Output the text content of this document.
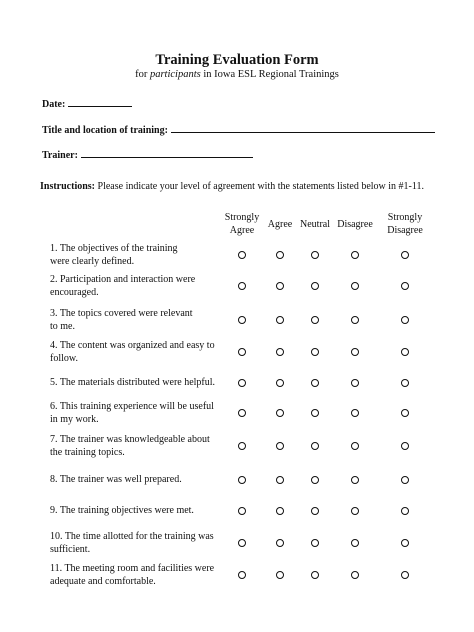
Training Evaluation Form
for participants in Iowa ESL Regional Trainings
Date:
Title and location of training:
Trainer:
Instructions: Please indicate your level of agreement with the statements listed below in #1-11.
Strongly
Agree
Agree Neutral Disagree
Strongly
Disagree
1. The objectives of the training
were clearly defined.
2. Participation and interaction were
encouraged.
3. The topics covered were relevant
to me.
4. The content was organized and easy to
follow.
5. The materials distributed were helpful.
6. This training experience will be useful
in my work.
7. The trainer was knowledgeable about
the training topics.
8. The trainer was well prepared.
9. The training objectives were met.
10. The time allotted for the training was
sufficient.
11. The meeting room and facilities were
adequate and comfortable.
